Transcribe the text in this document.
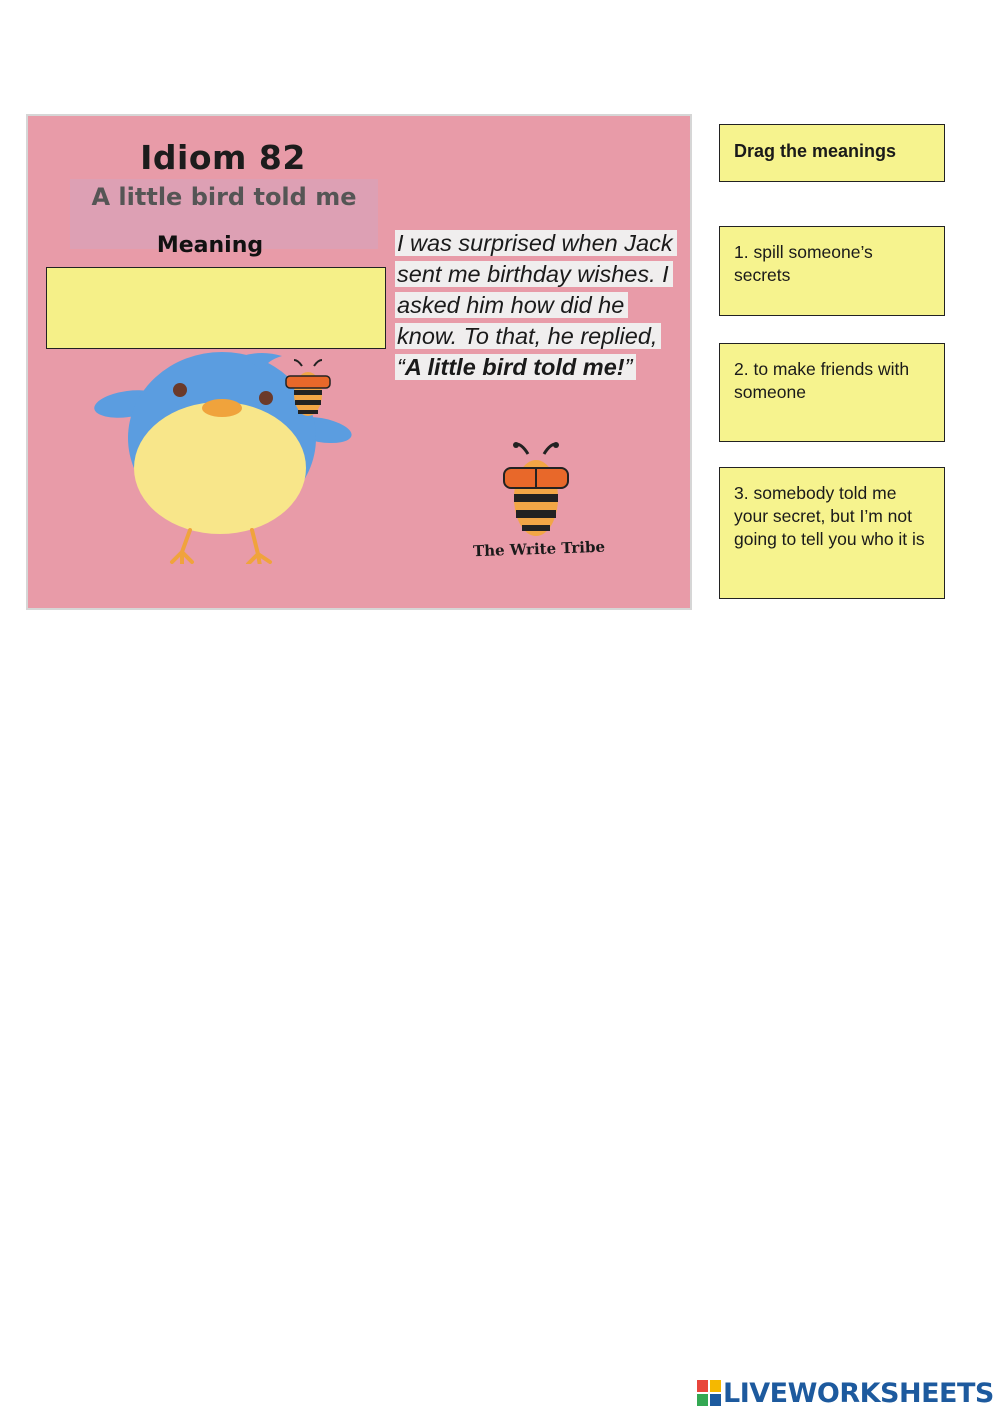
Idiom 82
A little bird told me
Meaning	I was surprised when Jack sent me birthday wishes. I asked him how did he know. To that, he replied, “A little bird told me!”
The Write Tribe
Drag the meanings
1. spill someone’s secrets
2. to make friends with someone
3. somebody told me your secret, but I’m not going to tell you who it is
LIVEWORKSHEETS
